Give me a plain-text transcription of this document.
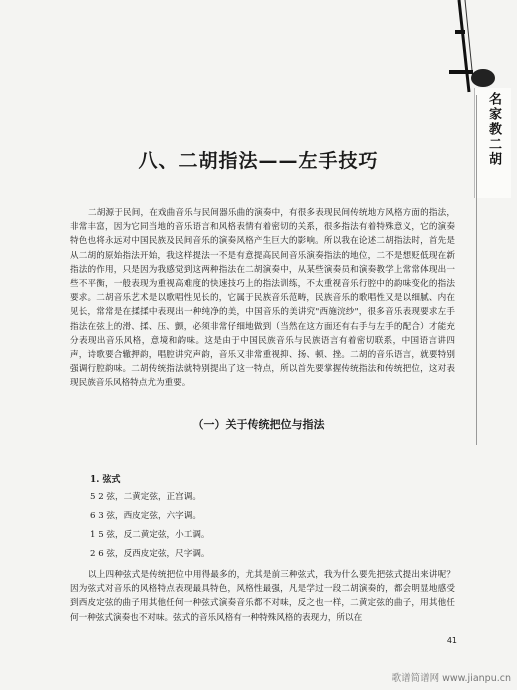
名家教二胡
八、二胡指法——左手技巧

二胡源于民间，在戏曲音乐与民间器乐曲的演奏中，有很多表现民间传统地方风格方面的指法，非常丰富，因为它同当地的音乐语言和风格表情有着密切的关系，很多指法有着特殊意义，它的演奏特色也将永远对中国民族及民间音乐的演奏风格产生巨大的影响。所以我在论述二胡指法时，首先是从二胡的原始指法开始，我这样提法一不是有意提高民间音乐演奏指法的地位，二不是想贬低现在新指法的作用，只是因为我感觉到这两种指法在二胡演奏中，从某些演奏员和演奏教学上常常体现出一些不平衡，一般表现为重视高难度的快速技巧上的指法训练，不太重视音乐行腔中的韵味变化的指法要求。二胡音乐艺术是以歌唱性见长的，它属于民族音乐范畴，民族音乐的歌唱性又是以细腻、内在见长，常常是在揉揉中表现出一种纯净的美，中国音乐的美讲究"西施浣纱"，很多音乐表现要求左手指法在弦上的滑、揉、压、颤，必须非常仔细地做到（当然在这方面还有右手与左手的配合）才能充分表现出音乐风格，意境和韵味。这是由于中国民族音乐与民族语言有着密切联系，中国语言讲四声，诗歌要合辙押韵，唱腔讲究声韵，音乐又非常重视抑、扬、顿、挫。二胡的音乐语言，就要特别强调行腔韵味。二胡传统指法就特别提出了这一特点，所以首先要掌握传统指法和传统把位，这对表现民族音乐风格特点尤为重要。

（一）关于传统把位与指法
1. 弦式
5 2 弦，二黄定弦，正宫调。
6 3 弦，西皮定弦，六字调。
1 5 弦，反二黄定弦，小工调。
2 6 弦，反西皮定弦，尺字调。

以上四种弦式是传统把位中用得最多的，尤其是前三种弦式，我为什么要先把弦式提出来讲呢？因为弦式对音乐的风格特点表现最具特色，风格性最强，凡是学过一段二胡演奏的，都会明显地感受到西皮定弦的曲子用其他任何一种弦式演奏音乐都不对味，反之也一样，二黄定弦的曲子，用其他任何一种弦式演奏也不对味。弦式的音乐风格有一种特殊风格的表现力，所以在

41
歌谱简谱网 www.jianpu.cn
